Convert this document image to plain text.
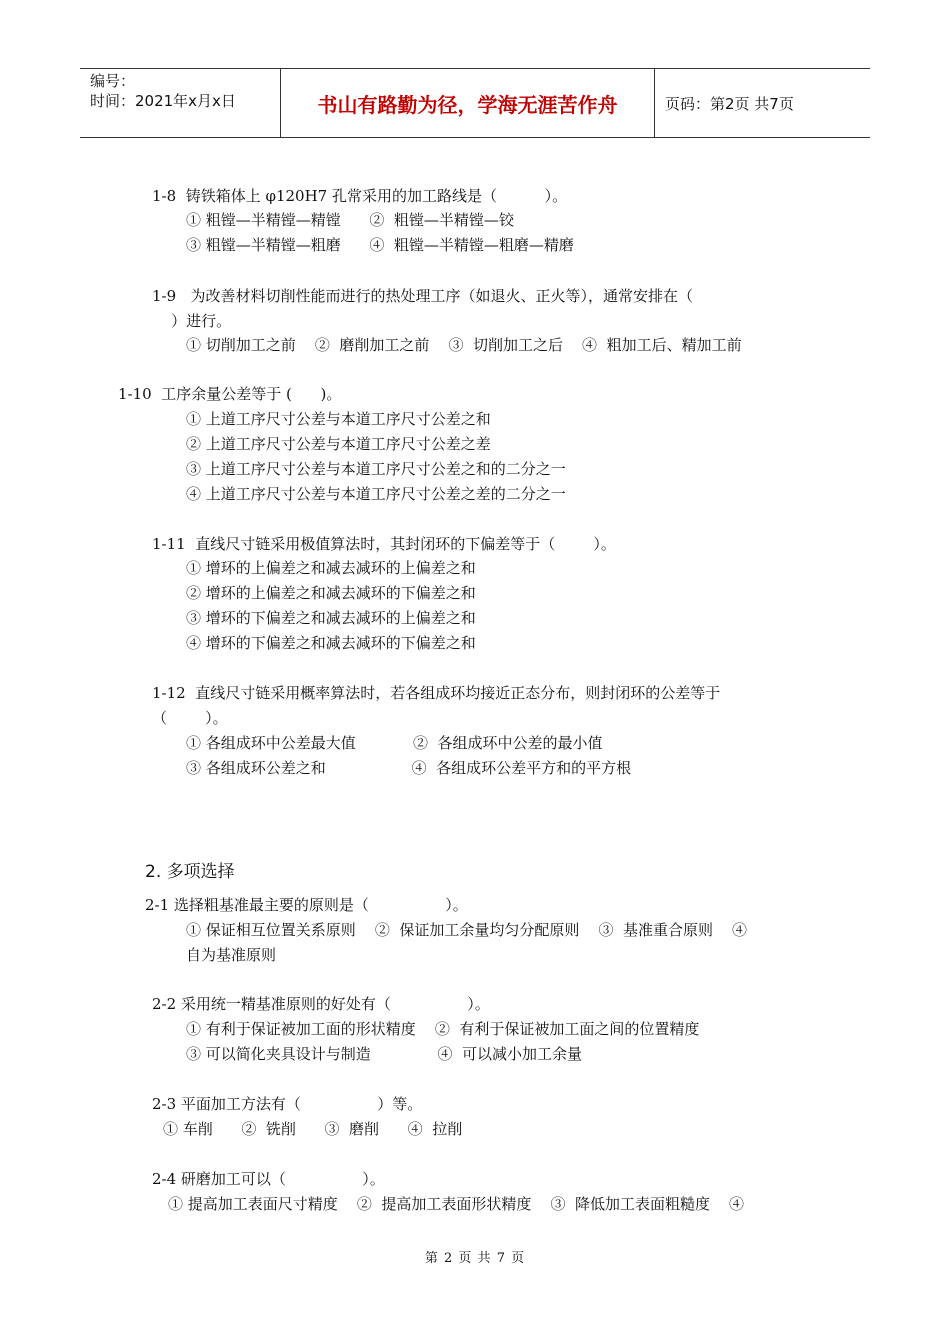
编号：
时间：2021年x月x日	书山有路勤为径，学海无涯苦作舟	页码：第2页 共7页
1-8  铸铁箱体上 φ120H7 孔常采用的加工路线是（          ）。
① 粗镗—半精镗—精镗      ②  粗镗—半精镗—铰
③ 粗镗—半精镗—粗磨      ④  粗镗—半精镗—粗磨—精磨
1-9   为改善材料切削性能而进行的热处理工序（如退火、正火等），通常安排在（
）进行。
① 切削加工之前    ②  磨削加工之前    ③  切削加工之后    ④  粗加工后、精加工前
1-10  工序余量公差等于 (      )。
① 上道工序尺寸公差与本道工序尺寸公差之和
② 上道工序尺寸公差与本道工序尺寸公差之差
③ 上道工序尺寸公差与本道工序尺寸公差之和的二分之一
④ 上道工序尺寸公差与本道工序尺寸公差之差的二分之一
1-11  直线尺寸链采用极值算法时，其封闭环的下偏差等于（        ）。
① 增环的上偏差之和减去减环的上偏差之和
② 增环的上偏差之和减去减环的下偏差之和
③ 增环的下偏差之和减去减环的上偏差之和
④ 增环的下偏差之和减去减环的下偏差之和
1-12  直线尺寸链采用概率算法时，若各组成环均接近正态分布，则封闭环的公差等于
（        ）。
① 各组成环中公差最大值            ②  各组成环中公差的最小值
③ 各组成环公差之和                  ④  各组成环公差平方和的平方根
2. 多项选择
2-1 选择粗基准最主要的原则是（                ）。
① 保证相互位置关系原则    ②  保证加工余量均匀分配原则    ③  基准重合原则    ④
自为基准原则
2-2 采用统一精基准原则的好处有（                ）。
① 有利于保证被加工面的形状精度    ②  有利于保证被加工面之间的位置精度
③ 可以简化夹具设计与制造              ④  可以减小加工余量
2-3 平面加工方法有（                ）等。
① 车削      ②  铣削      ③  磨削      ④  拉削
2-4 研磨加工可以（                ）。
① 提高加工表面尺寸精度    ②  提高加工表面形状精度    ③  降低加工表面粗糙度    ④
第 2 页 共 7 页
